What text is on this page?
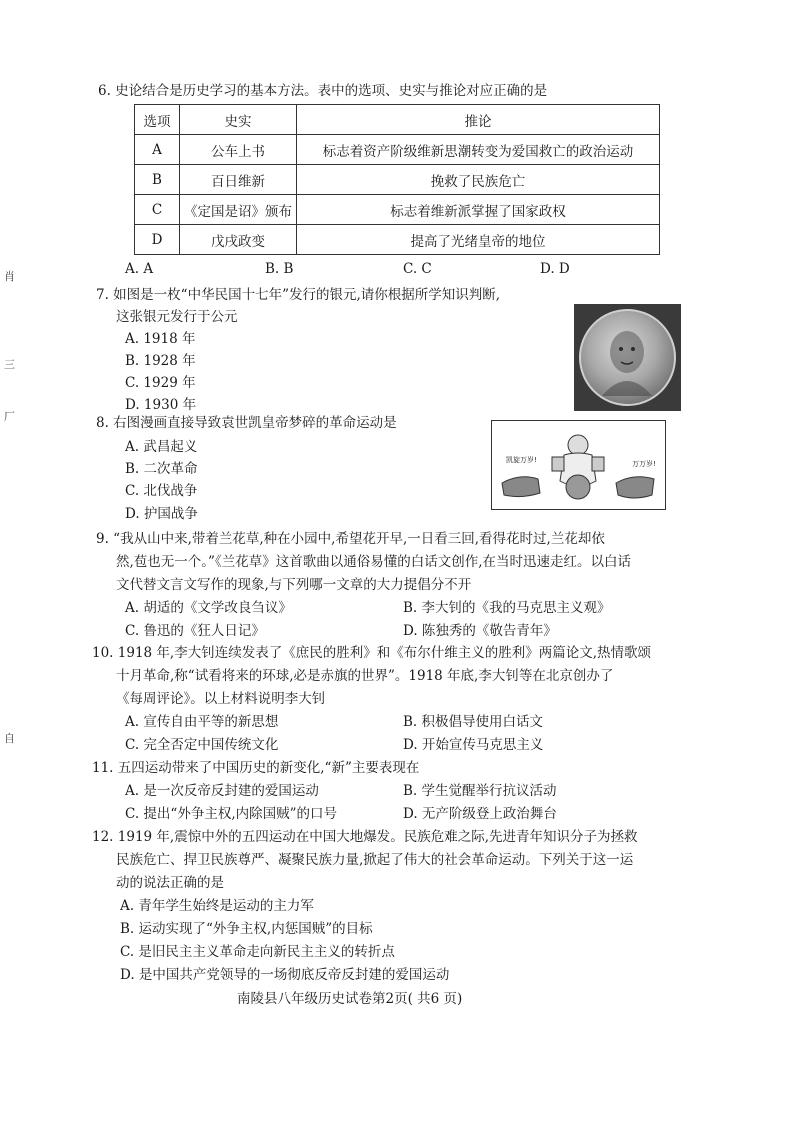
肖
三
厂
自
6. 史论结合是历史学习的基本方法。表中的选项、史实与推论对应正确的是
选项	史实	推论
A	公车上书	标志着资产阶级维新思潮转变为爱国救亡的政治运动
B	百日维新	挽救了民族危亡
C	《定国是诏》颁布	标志着维新派掌握了国家政权
D	戊戌政变	提高了光绪皇帝的地位
A. A	B. B	C. C	D. D
7. 如图是一枚“中华民国十七年”发行的银元,请你根据所学知识判断,
这张银元发行于公元
A. 1918 年
B. 1928 年
C. 1929 年
D. 1930 年
8. 右图漫画直接导致袁世凯皇帝梦碎的革命运动是
A. 武昌起义
B. 二次革命
C. 北伐战争
D. 护国战争
凯旋万岁!	万万岁!
9. “我从山中来,带着兰花草,种在小园中,希望花开早,一日看三回,看得花时过,兰花却依
然,苞也无一个。”《兰花草》这首歌曲以通俗易懂的白话文创作,在当时迅速走红。以白话
文代替文言文写作的现象,与下列哪一文章的大力提倡分不开
A. 胡适的《文学改良刍议》	B. 李大钊的《我的马克思主义观》
C. 鲁迅的《狂人日记》	D. 陈独秀的《敬告青年》
10. 1918 年,李大钊连续发表了《庶民的胜利》和《布尔什维主义的胜利》两篇论文,热情歌颂
十月革命,称“试看将来的环球,必是赤旗的世界”。1918 年底,李大钊等在北京创办了
《每周评论》。以上材料说明李大钊
A. 宣传自由平等的新思想	B. 积极倡导使用白话文
C. 完全否定中国传统文化	D. 开始宣传马克思主义
11. 五四运动带来了中国历史的新变化,“新”主要表现在
A. 是一次反帝反封建的爱国运动	B. 学生觉醒举行抗议活动
C. 提出“外争主权,内除国贼”的口号	D. 无产阶级登上政治舞台
12. 1919 年,震惊中外的五四运动在中国大地爆发。民族危难之际,先进青年知识分子为拯救
民族危亡、捍卫民族尊严、凝聚民族力量,掀起了伟大的社会革命运动。下列关于这一运
动的说法正确的是
A. 青年学生始终是运动的主力军
B. 运动实现了“外争主权,内惩国贼”的目标
C. 是旧民主主义革命走向新民主主义的转折点
D. 是中国共产党领导的一场彻底反帝反封建的爱国运动
南陵县八年级历史试卷第2页( 共6 页)
